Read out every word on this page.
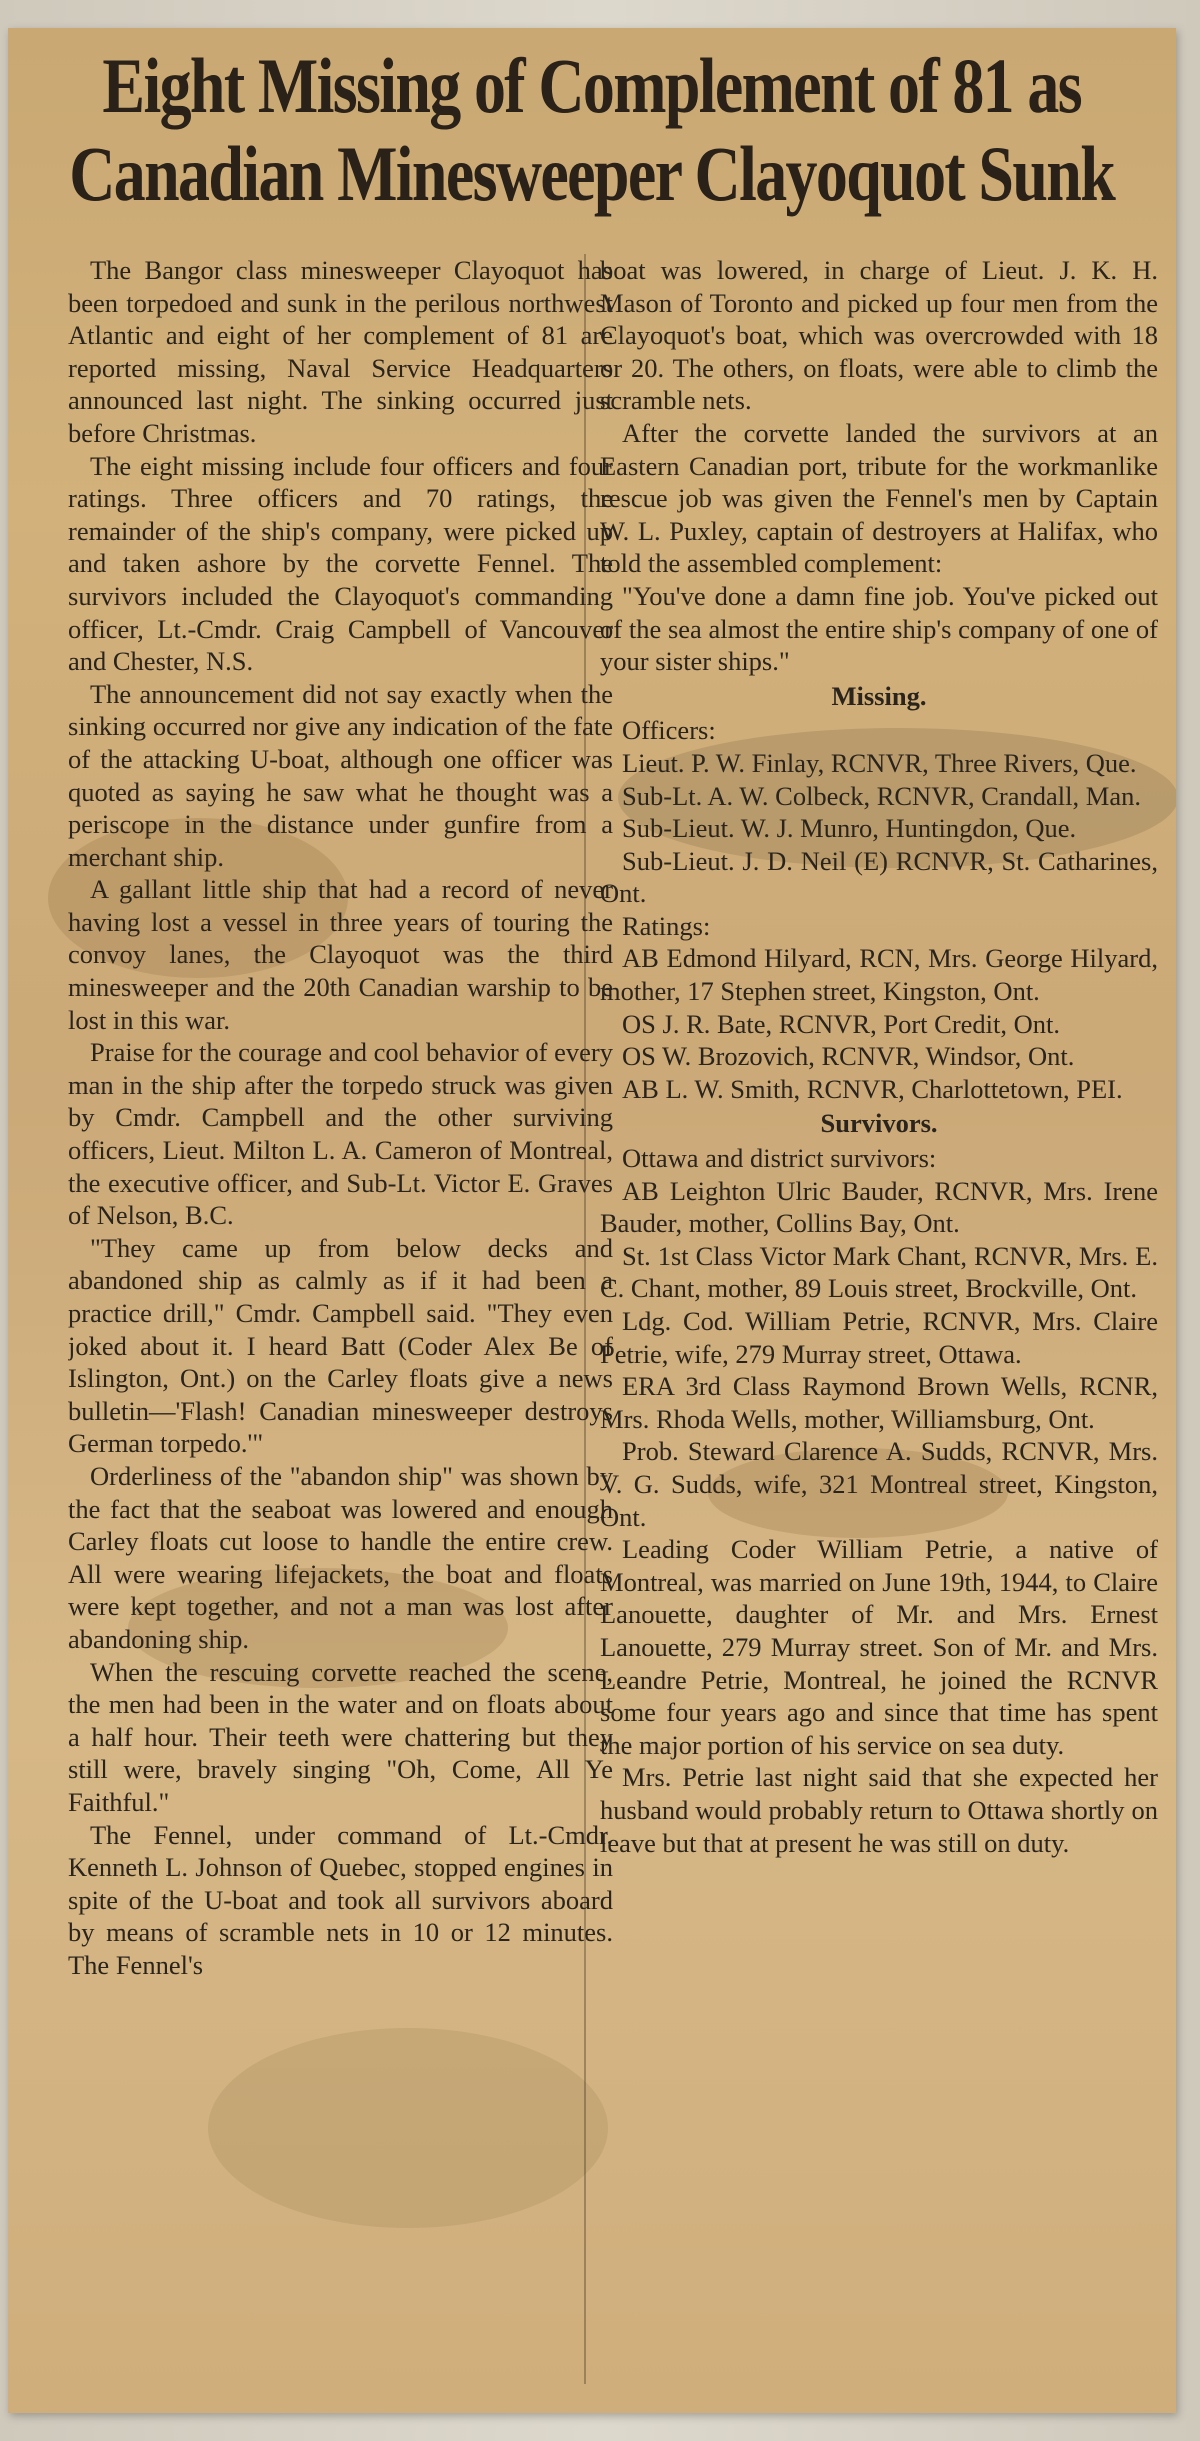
Eight Missing of Complement of 81 as
Canadian Minesweeper Clayoquot Sunk

The Bangor class minesweeper Clayoquot has been torpedoed and sunk in the perilous northwest Atlantic and eight of her complement of 81 are reported missing, Naval Service Headquarters announced last night. The sinking occurred just before Christmas.

The eight missing include four officers and four ratings. Three officers and 70 ratings, the remainder of the ship's company, were picked up and taken ashore by the corvette Fennel. The survivors included the Clayoquot's commanding officer, Lt.-Cmdr. Craig Campbell of Vancouver and Chester, N.S.

The announcement did not say exactly when the sinking occurred nor give any indication of the fate of the attacking U-boat, although one officer was quoted as saying he saw what he thought was a periscope in the distance under gunfire from a merchant ship.

A gallant little ship that had a record of never having lost a vessel in three years of touring the convoy lanes, the Clayoquot was the third minesweeper and the 20th Canadian warship to be lost in this war.

Praise for the courage and cool behavior of every man in the ship after the torpedo struck was given by Cmdr. Campbell and the other surviving officers, Lieut. Milton L. A. Cameron of Montreal, the executive officer, and Sub-Lt. Victor E. Graves of Nelson, B.C.

"They came up from below decks and abandoned ship as calmly as if it had been a practice drill," Cmdr. Campbell said. "They even joked about it. I heard Batt (Coder Alex Be of Islington, Ont.) on the Carley floats give a news bulletin—'Flash! Canadian minesweeper destroys German torpedo.'"

Orderliness of the "abandon ship" was shown by the fact that the seaboat was lowered and enough Carley floats cut loose to handle the entire crew. All were wearing lifejackets, the boat and floats were kept together, and not a man was lost after abandoning ship.

When the rescuing corvette reached the scene, the men had been in the water and on floats about a half hour. Their teeth were chattering but they still were, bravely singing "Oh, Come, All Ye Faithful."

The Fennel, under command of Lt.-Cmdr. Kenneth L. Johnson of Quebec, stopped engines in spite of the U-boat and took all survivors aboard by means of scramble nets in 10 or 12 minutes. The Fennel's

boat was lowered, in charge of Lieut. J. K. H. Mason of Toronto and picked up four men from the Clayoquot's boat, which was overcrowded with 18 or 20. The others, on floats, were able to climb the scramble nets.

After the corvette landed the survivors at an Eastern Canadian port, tribute for the workmanlike rescue job was given the Fennel's men by Captain W. L. Puxley, captain of destroyers at Halifax, who told the assembled complement:

"You've done a damn fine job. You've picked out of the sea almost the entire ship's company of one of your sister ships."

Missing.

Officers:

Lieut. P. W. Finlay, RCNVR, Three Rivers, Que.

Sub-Lt. A. W. Colbeck, RCNVR, Crandall, Man.

Sub-Lieut. W. J. Munro, Huntingdon, Que.

Sub-Lieut. J. D. Neil (E) RCNVR, St. Catharines, Ont.

Ratings:

AB Edmond Hilyard, RCN, Mrs. George Hilyard, mother, 17 Stephen street, Kingston, Ont.

OS J. R. Bate, RCNVR, Port Credit, Ont.

OS W. Brozovich, RCNVR, Windsor, Ont.

AB L. W. Smith, RCNVR, Charlottetown, PEI.

Survivors.

Ottawa and district survivors:

AB Leighton Ulric Bauder, RCNVR, Mrs. Irene Bauder, mother, Collins Bay, Ont.

St. 1st Class Victor Mark Chant, RCNVR, Mrs. E. C. Chant, mother, 89 Louis street, Brockville, Ont.

Ldg. Cod. William Petrie, RCNVR, Mrs. Claire Petrie, wife, 279 Murray street, Ottawa.

ERA 3rd Class Raymond Brown Wells, RCNR, Mrs. Rhoda Wells, mother, Williamsburg, Ont.

Prob. Steward Clarence A. Sudds, RCNVR, Mrs. V. G. Sudds, wife, 321 Montreal street, Kingston, Ont.

Leading Coder William Petrie, a native of Montreal, was married on June 19th, 1944, to Claire Lanouette, daughter of Mr. and Mrs. Ernest Lanouette, 279 Murray street. Son of Mr. and Mrs. Leandre Petrie, Montreal, he joined the RCNVR some four years ago and since that time has spent the major portion of his service on sea duty.

Mrs. Petrie last night said that she expected her husband would probably return to Ottawa shortly on leave but that at present he was still on duty.
